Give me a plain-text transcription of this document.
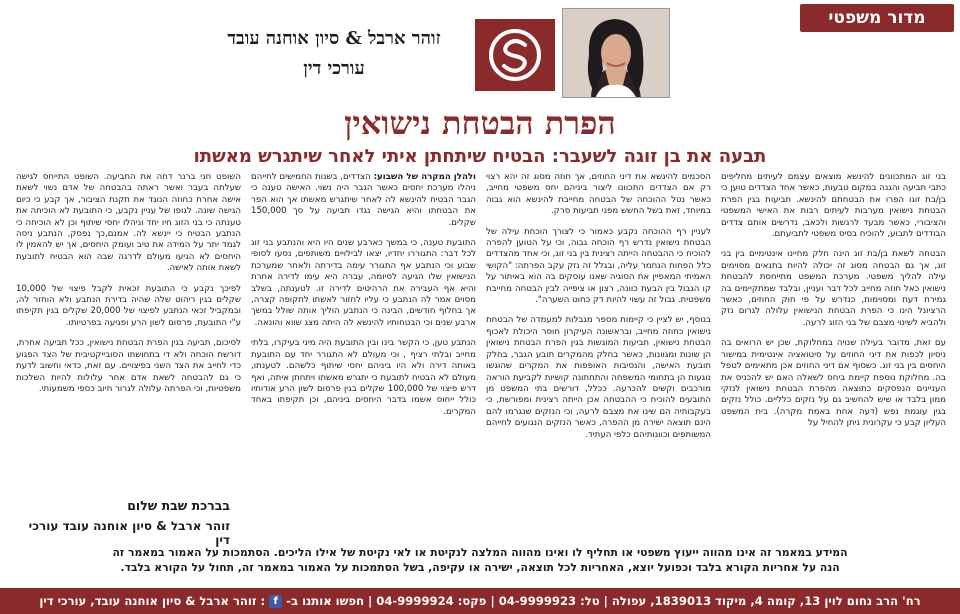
מדור משפטי
זוהר ארבל & סיון אוחנה עובד
עורכי דין
הפרת הבטחת נישואין
תבעה את בן זוגה לשעבר: הבטיח שיתחתן איתי לאחר שיתגרש מאשתו

בני זוג המתכוונים להינשא מוצאים עצמם לעיתים מחליפים כתבי תביעה והגנה במקום טבעות, כאשר אחד הצדדים טוען כי בן/בת זוגו הפרו את הבטחתם להינשא. תביעות בגין הפרת הבטחת נישואין מערבות לעיתים רבות את האישי המשפטי והציבורי, כאשר מבעד לרגשות ולכאב, נדרשים אותם צדדים הבודדים לתבוע, להוכיח בסיס משפטי לתביעתם.

הבטחה לשאת בן/בת זוג הינה חלק מחיינו אינטימיים בין בני זוג, אך גם הבטחה מסוג זה יכולה להיות בתנאים מסוימים עילה להליך משפטי. מערכת המשפט מתייחסת להבטחת נישואין כאל חוזה מחייב לכל דבר ועניין, ובלבד שמתקיימים בה גמירת דעת ומסוימות, כנדרש על פי חוק החוזים, כאשר הרציונל הינו כי הפרת הבטחת הנישואין עלולה לגרום נזק ולהביא לשינוי מצבם של בני הזוג לרעה.

עם זאת, מדובר בעילה שנויה במחלוקת, שכן יש הרואים בה ניסיון לכפות את דיני החוזים על סיטואציה אינטימית במישור היחסים בין בני זוג. כשסוף אם דיני החוזים אכן מתאימים לטפל בה. מחלוקת נוספת קיימת ביחס לשאלה האם יש להכניס את העניינים הנפסקים כתוצאה מהפרת הבטחת נישואין לנזקי ממון בלבד או שיש להחשיב גם על נזקים כלליים. כולל נזקים בגין עוגמת נפש (דעה אחת באמת מקרה). בית המשפט העליון קבע כי עקרונית ניתן להחיל על

הסכמים להינשא את דיני החוזים, אך חוזה מסוג זה יהא רצוי רק אם הצדדים התכוונו ליצור ביניהם יחס משפטי מחייב, כאשר נטל ההוכחה של הבטחה מחייבת להינשא הוא גבוה במיוחד, זאת בשל החשש מפני תביעות סרק.

לעניין רף ההוכחה נקבע כאמור כי לצורך הוכחת עילה של הבטחת נישואין נדרש רף הוכחה גבוה, וכי על הטוען להפרה להוכיח כי ההבטחה הייתה רצינית בין בני זוג, וכי אחד מהצדדים כלל הפחות הנחמר עליה, ובגלל זה נזק עקב הפרתה: "הקושי האמיתי המאפיין את הסוגיה שאנו עוסקים בה הוא באיתור על קו הגבול בין הבעת כוונה, רצון או ציפייה לבין הבטחה מחייבת משפטית. גבול זה עשוי להיות דק כחוט השערה".

בנוסף, יש לציין כי קיימות מספר מגבלות למעמדה של הבטחת נישואין כחוזה מחייב, ובראשונה העיקרון חוסר היכולת לאכוף הבטחת נישואין, תביעות המוגשות בגין הפרת הבטחת נישואין הן שונות ומגוונות, כאשר בחלק מהמקרים תובע הגבר, בחלק תובעת האישה, והנסיבות האופפות את המקרים שהוגשו נוגעות הן בתחומי המשפחה והתחתונה קושיות לקביעת הוראה מורכבים וקשים להכרעה. ככלל, דורשים בתי המשפט מן התובעים להוכיח כי ההבטחה אכן הייתה רצינית ומפורשת, כי בעקבותיה הם שינו את מצבם לרעה, וכי הנזקים שנגרמו להם הינם תוצאה ישירה מן ההפרה, כאשר הנזקים הנגועים לחייהם המשותפים וכוונותיהם כלפי העתיד.

ולהלן המקרה של השבוע: הצדדים, בשנות החמישים לחייהם ניהלו מערכת יחסים כאשר הגבר היה נשוי. האישה טענה כי הגבר הבטיח להינשא לה לאחר שיתגרש מאשתו אך הוא הפר את הבטחתו והיא הגישה נגדו תביעה על סך 150,000 שקלים.

התובעת טענה, כי במשך כארבע שנים היו היא והנתבע בני זוג לכל דבר: התגוררו יחדיו, יצאו לבילויים משותפים, נסעו לסופי שבוע וכי הנתבע אף התגורר עימה בדירתה ולאחר שמערכת הנישואין שלו הגיעה לסיומה, עברה היא עימו לדירה אחרת והיא אף העבירה את הרהיטים לדירה זו. לטענתה, בשלב מסוים אמר לה הנתבע כי עליו לחזור לאשתו לתקופה קצרה, אך בחלוף חודשים, הבינה כי הנתבע הוליך אותה שולל במשך ארבע שנים וכי הבטחותיו להינשא לה היתה מצג שווא והונאה.

הנתבע טען, כי הקשר בינו ובין התובעת היה מיני בעיקרו, בלתי מחייב ובלתי רציף , וכי מעולם לא התגורר יחד עם התובעת באותה דירה ולא היו ביניהם יחסי שיתוף כלשהם. לטענתו, מעולם לא הבטיח לתובעת כי יתגרש מאשתו ויתחתן איתה, ואף דרש פיצוי של 100,000 שקלים בגין פרסום לשון הרע אודותיו כולל ייחוס אשמו בדבר היחסים ביניהם, וכן תקיפתו באחד המקרים.

השופט חני ברנר דחה את התביעה. השופט התייחס לגישה שעלתה בעבר ואשר ראתה בהבטחה של אדם נשוי לשאת אישה אחרת כחוזה הנוגד את תקנת הציבור, אך קבע כי כיום הגישה שונה. לגופו של עניין נקבע, כי התובעת לא הוכיחה את טענתה כי בני הזוג חיו יחד וניהלו יחסי שיתוף וכן לא הוכיחה כי הנתבע הבטיח כי יינשא לה. אמנם,כך נפסק, הנתבע ניסה לגמד יתר על המידה את טיב ועומק היחסים, אך יש להאמין לו היחסים לא הגיעו מעולם לדרגה שבה הוא הבטיח לתובעת לשאת אותה לאישה.

לפיכך נקבע כי התובעת זכאית לקבל פיצוי של 10,000 שקלים בגין ריהוט שלה שהיה בדירת הנתבע ולא הוחזר לה, ובמקביל זכאי הנתבע לפיצוי של 20,000 שקלים בגין תקיפתו ע"י התובעת, פרסום לשון הרע ופגיעה בפרטיותו.

לסיכום, תביעה בגין הפרת הבטחת נישואין, ככל תביעה אחרת, דורשת הוכחה ולא די בתחושתו הסובייקטיבית של הצד הפגוע כדי לחייב את הצד השני בפיצויים. עם זאת, כדאי וחשוב לדעת כי גם להבטחה לשאת אדם אחר עלולות להיות השלכות משפטיות, וכי הפרתה עלולה לגרור חיוב כספי משמעותי.

בברכת שבת שלום
זוהר ארבל & סיון אוחנה עובד עורכי דין
המידע במאמר זה אינו מהווה ייעוץ משפטי או תחליף לו ואינו מהווה המלצה לנקיטת או לאי נקיטת של אילו הליכים. הסתמכות על האמור במאמר זה
הנה על אחריות הקורא בלבד וכפועל יוצא, האחריות לכל תוצאה, ישירה או עקיפה, בשל הסתמכות על האמור במאמר זה, תחול על הקורא בלבד.
רח' הרב נחום לוין 13, קומה 4, מיקוד 1839013, עפולה
|
טל: 04-9999923
|
פקס: 04-9999924
|
חפשו אותנו ב-
f
:
זוהר ארבל & סיון אוחנה עובד, עורכי דין
